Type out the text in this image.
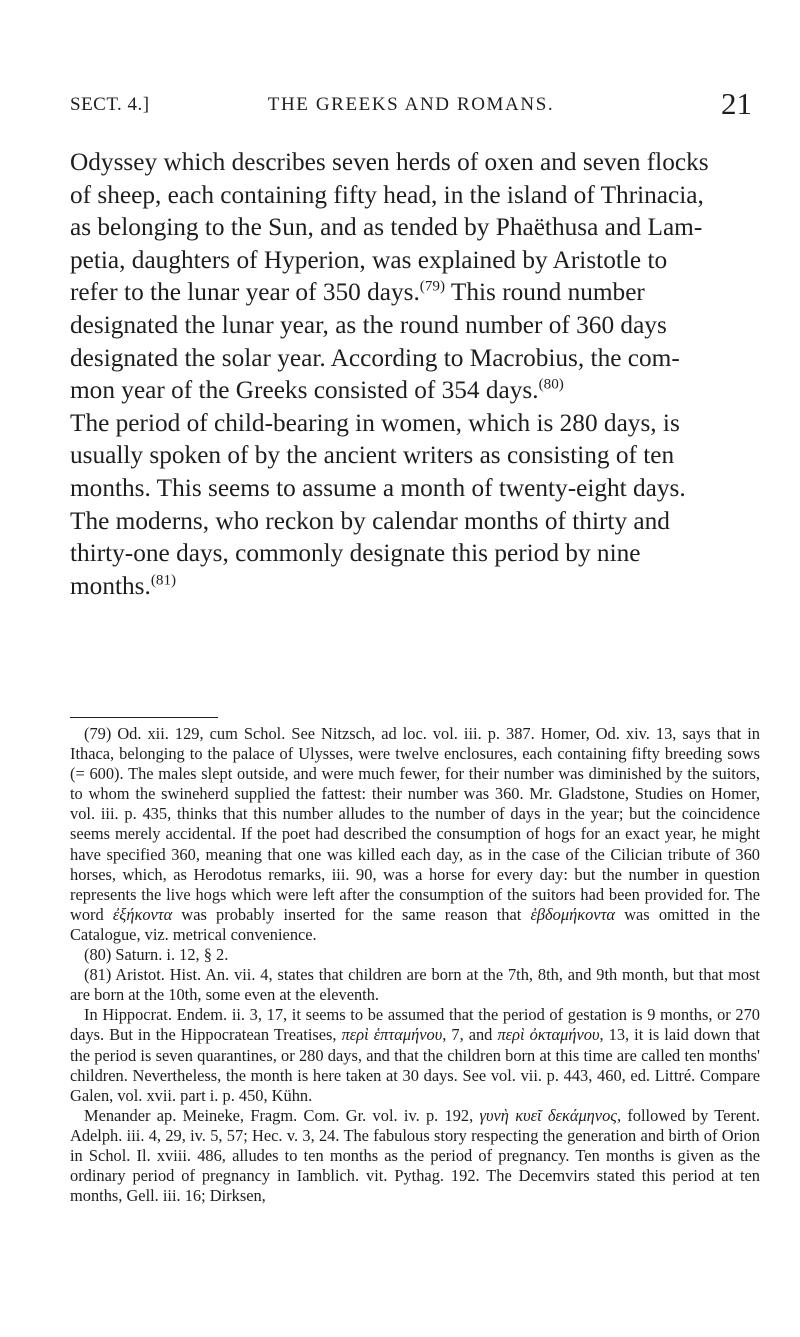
SECT. 4.]	THE GREEKS AND ROMANS.	21

Odyssey which describes seven herds of oxen and seven flocks
of sheep, each containing fifty head, in the island of Thrinacia,
as belonging to the Sun, and as tended by Phaëthusa and Lam-
petia, daughters of Hyperion, was explained by Aristotle to
refer to the lunar year of 350 days.$^{(79)}$ This round number
designated the lunar year, as the round number of 360 days
designated the solar year. According to Macrobius, the com-
mon year of the Greeks consisted of 354 days.$^{(80)}$
The period of child-bearing in women, which is 280 days, is
usually spoken of by the ancient writers as consisting of ten
months. This seems to assume a month of twenty-eight days.
The moderns, who reckon by calendar months of thirty and
thirty-one days, commonly designate this period by nine
months.$^{(81)}$

(79) Od. xii. 129, cum Schol. See Nitzsch, ad loc. vol. iii. p. 387. Homer, Od. xiv. 13, says that in Ithaca, belonging to the palace of Ulysses, were twelve enclosures, each containing fifty breeding sows (= 600). The males slept outside, and were much fewer, for their number was diminished by the suitors, to whom the swineherd supplied the fattest: their number was 360. Mr. Gladstone, Studies on Homer, vol. iii. p. 435, thinks that this number alludes to the number of days in the year; but the coincidence seems merely accidental. If the poet had described the consumption of hogs for an exact year, he might have specified 360, meaning that one was killed each day, as in the case of the Cilician tribute of 360 horses, which, as Herodotus remarks, iii. 90, was a horse for every day: but the number in question represents the live hogs which were left after the consumption of the suitors had been provided for. The word ἐξήκοντα was probably inserted for the same reason that ἑβδομήκοντα was omitted in the Catalogue, viz. metrical convenience.

(80) Saturn. i. 12, § 2.

(81) Aristot. Hist. An. vii. 4, states that children are born at the 7th, 8th, and 9th month, but that most are born at the 10th, some even at the eleventh.

In Hippocrat. Endem. ii. 3, 17, it seems to be assumed that the period of gestation is 9 months, or 270 days. But in the Hippocratean Treatises, περὶ ἑπταμήνου, 7, and περὶ ὀκταμήνου, 13, it is laid down that the period is seven quarantines, or 280 days, and that the children born at this time are called ten months' children. Nevertheless, the month is here taken at 30 days. See vol. vii. p. 443, 460, ed. Littré. Compare Galen, vol. xvii. part i. p. 450, Kühn.

Menander ap. Meineke, Fragm. Com. Gr. vol. iv. p. 192, γυνὴ κυεῖ δεκάμηνος, followed by Terent. Adelph. iii. 4, 29, iv. 5, 57; Hec. v. 3, 24. The fabulous story respecting the generation and birth of Orion in Schol. Il. xviii. 486, alludes to ten months as the period of pregnancy. Ten months is given as the ordinary period of pregnancy in Iamblich. vit. Pythag. 192. The Decemvirs stated this period at ten months, Gell. iii. 16; Dirksen,
